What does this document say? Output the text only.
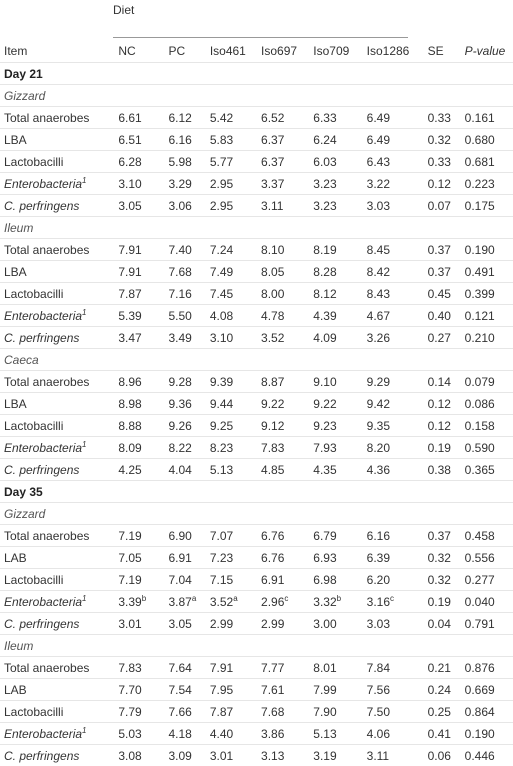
Diet

Item	NC	PC	Iso461	Iso697	Iso709	Iso1286	SE	P-value
Day 21								
Gizzard								
Total anaerobes	6.61	6.12	5.42	6.52	6.33	6.49	0.33	0.161
LBA	6.51	6.16	5.83	6.37	6.24	6.49	0.32	0.680
Lactobacilli	6.28	5.98	5.77	6.37	6.03	6.43	0.33	0.681
Enterobacteria$^1$	3.10	3.29	2.95	3.37	3.23	3.22	0.12	0.223
C. perfringens	3.05	3.06	2.95	3.11	3.23	3.03	0.07	0.175
Ileum								
Total anaerobes	7.91	7.40	7.24	8.10	8.19	8.45	0.37	0.190
LBA	7.91	7.68	7.49	8.05	8.28	8.42	0.37	0.491
Lactobacilli	7.87	7.16	7.45	8.00	8.12	8.43	0.45	0.399
Enterobacteria$^1$	5.39	5.50	4.08	4.78	4.39	4.67	0.40	0.121
C. perfringens	3.47	3.49	3.10	3.52	4.09	3.26	0.27	0.210
Caeca								
Total anaerobes	8.96	9.28	9.39	8.87	9.10	9.29	0.14	0.079
LBA	8.98	9.36	9.44	9.22	9.22	9.42	0.12	0.086
Lactobacilli	8.88	9.26	9.25	9.12	9.23	9.35	0.12	0.158
Enterobacteria$^1$	8.09	8.22	8.23	7.83	7.93	8.20	0.19	0.590
C. perfringens	4.25	4.04	5.13	4.85	4.35	4.36	0.38	0.365
Day 35								
Gizzard								
Total anaerobes	7.19	6.90	7.07	6.76	6.79	6.16	0.37	0.458
LAB	7.05	6.91	7.23	6.76	6.93	6.39	0.32	0.556
Lactobacilli	7.19	7.04	7.15	6.91	6.98	6.20	0.32	0.277
Enterobacteria$^1$	3.39$^b$	3.87$^a$	3.52$^a$	2.96$^c$	3.32$^b$	3.16$^c$	0.19	0.040
C. perfringens	3.01	3.05	2.99	2.99	3.00	3.03	0.04	0.791
Ileum								
Total anaerobes	7.83	7.64	7.91	7.77	8.01	7.84	0.21	0.876
LAB	7.70	7.54	7.95	7.61	7.99	7.56	0.24	0.669
Lactobacilli	7.79	7.66	7.87	7.68	7.90	7.50	0.25	0.864
Enterobacteria$^1$	5.03	4.18	4.40	3.86	5.13	4.06	0.41	0.190
C. perfringens	3.08	3.09	3.01	3.13	3.19	3.11	0.06	0.446
